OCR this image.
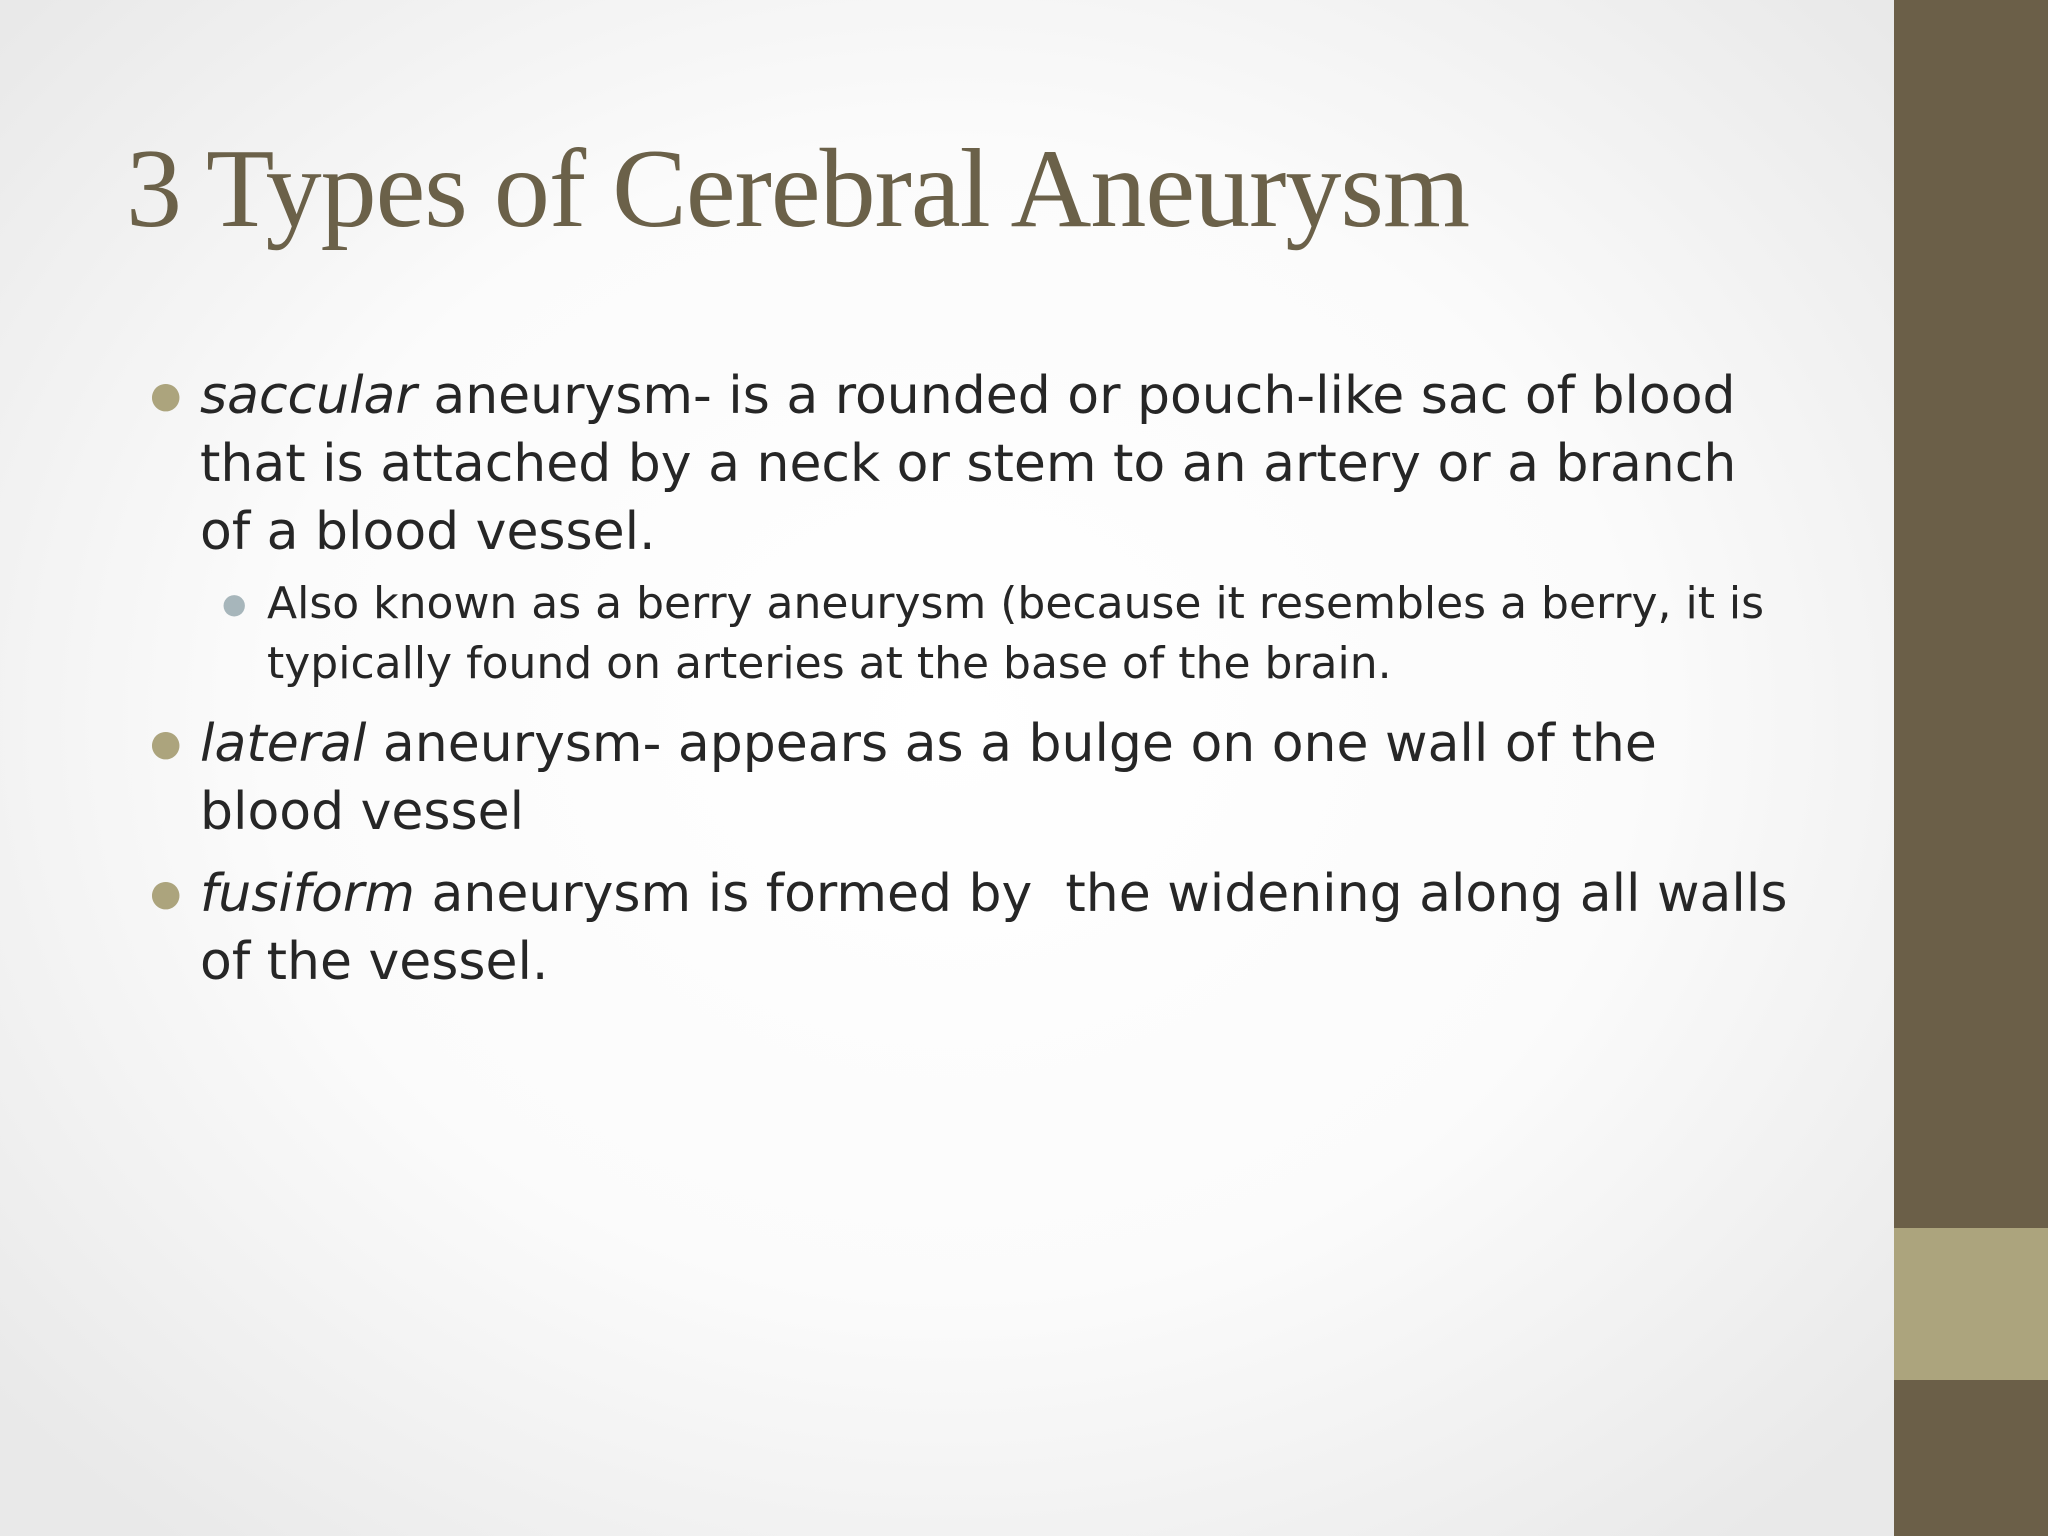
3 Types of Cerebral Aneurysm
● saccular aneurysm- is a rounded or pouch-like sac of blood that is attached by a neck or stem to an artery or a branch of a blood vessel.
● Also known as a berry aneurysm (because it resembles a berry, it is typically found on arteries at the base of the brain.
● lateral aneurysm- appears as a bulge on one wall of the blood vessel
● fusiform aneurysm is formed by  the widening along all walls of the vessel.
